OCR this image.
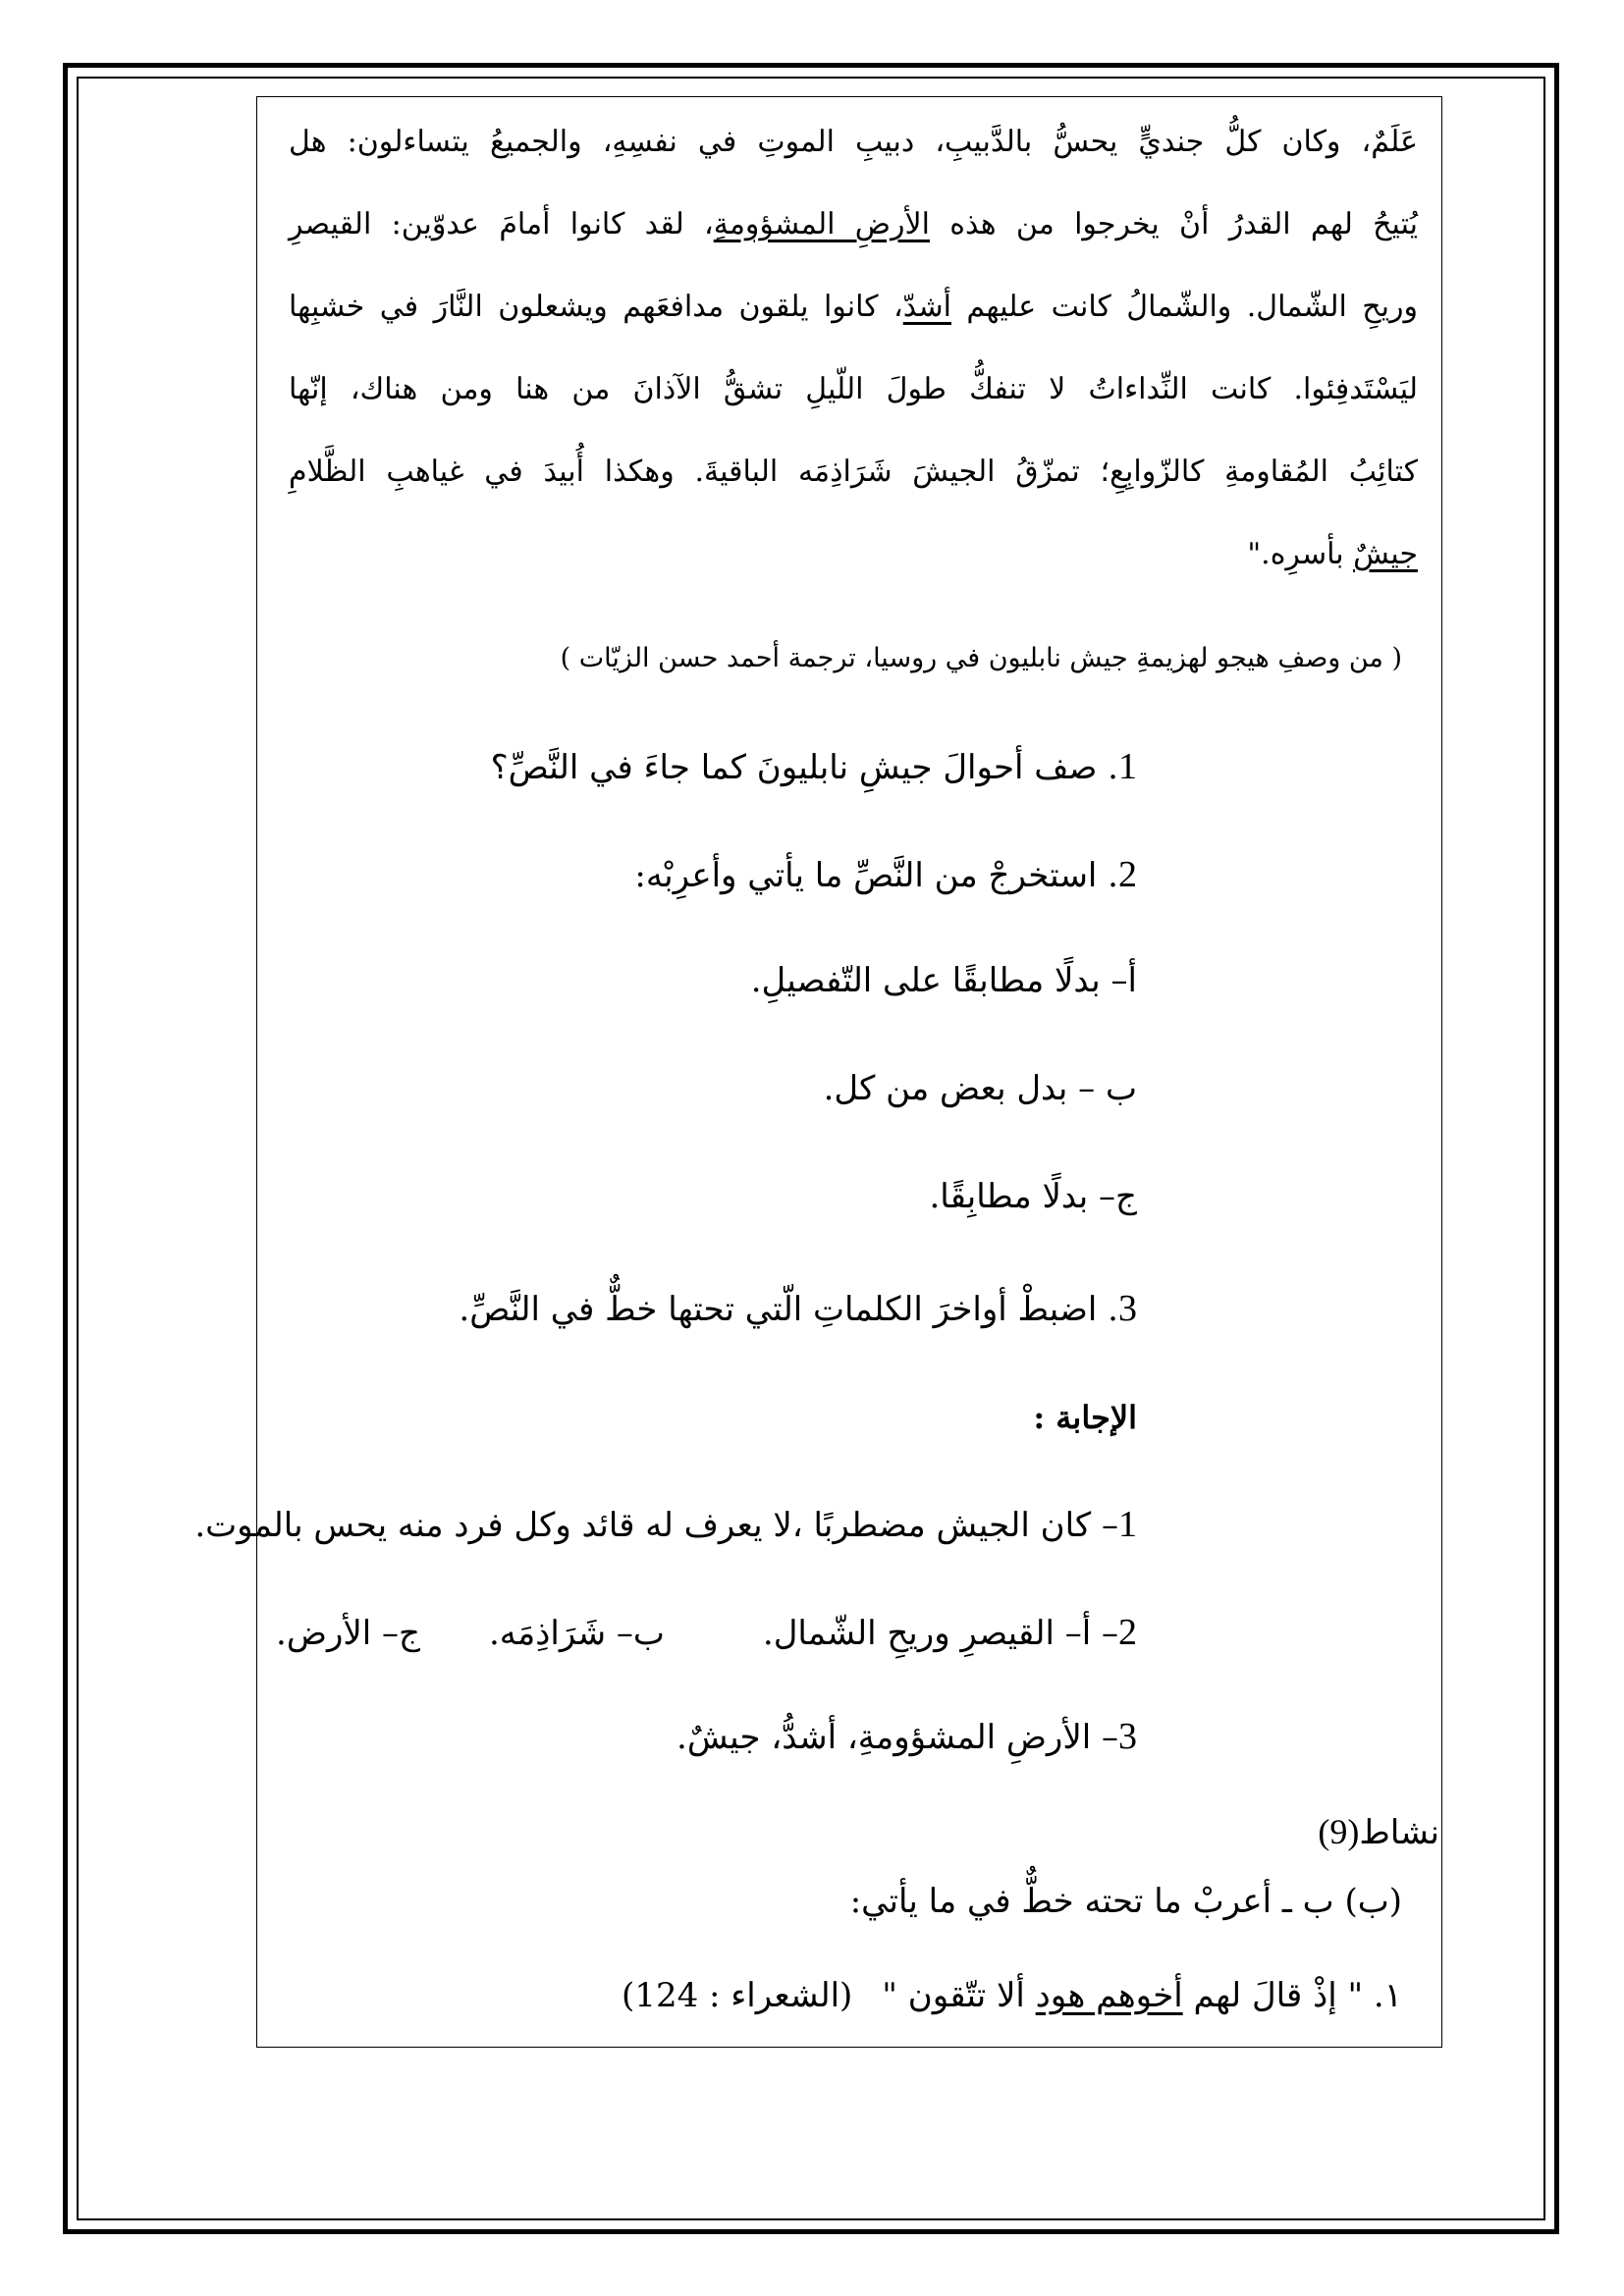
عَلَمٌ، وكان كلُّ جنديٍّ يحسُّ بالدَّبيبِ، دبيبِ الموتِ في نفسِهِ، والجميعُ يتساءلون: هل
يُتيحُ لهم القدرُ أنْ يخرجوا من هذه الأرضِ المشؤومةِ، لقد كانوا أمامَ عدوّين: القيصرِ
وريحِ الشّمال. والشّمالُ كانت عليهم أشدّ، كانوا يلقون مدافعَهم ويشعلون النَّارَ في خشبِها
ليَسْتَدفِئوا. كانت النِّداءاتُ لا تنفكُّ طولَ اللّيلِ تشقُّ الآذانَ من هنا ومن هناك، إنّها
كتائِبُ المُقاومةِ كالزّوابِعِ؛ تمزّقُ الجيشَ شَرَاذِمَه الباقيةَ. وهكذا أُبيدَ في غياهبِ الظَّلامِ
جيشٌ بأسرِه."
( من وصفِ هيجو لهزيمةِ جيش نابليون في روسيا، ترجمة أحمد حسن الزيّات )
1. صف أحوالَ جيشِ نابليونَ كما جاءَ في النَّصِّ؟
2. استخرجْ من النَّصِّ ما يأتي وأعرِبْه:
أ– بدلًا مطابقًا على التّفصيلِ.
ب – بدل بعض من كل.
ج– بدلًا مطابِقًا.
3. اضبطْ أواخرَ الكلماتِ الّتي تحتها خطٌّ في النَّصِّ.
الإجابة :
1– كان الجيش مضطربًا ،لا يعرف له قائد وكل فرد منه يحس بالموت.
2– أ– القيصرِ وريحِ الشّمال.ب– شَرَاذِمَه.ج– الأرض.
3– الأرضِ المشؤومةِ، أشدُّ، جيشٌ.
نشاط(9)
(ب) ب ـ أعربْ ما تحته خطٌّ في ما يأتي:
١. " إذْ قالَ لهم أخوهم هود ألا تتّقون "(الشعراء : 124)
